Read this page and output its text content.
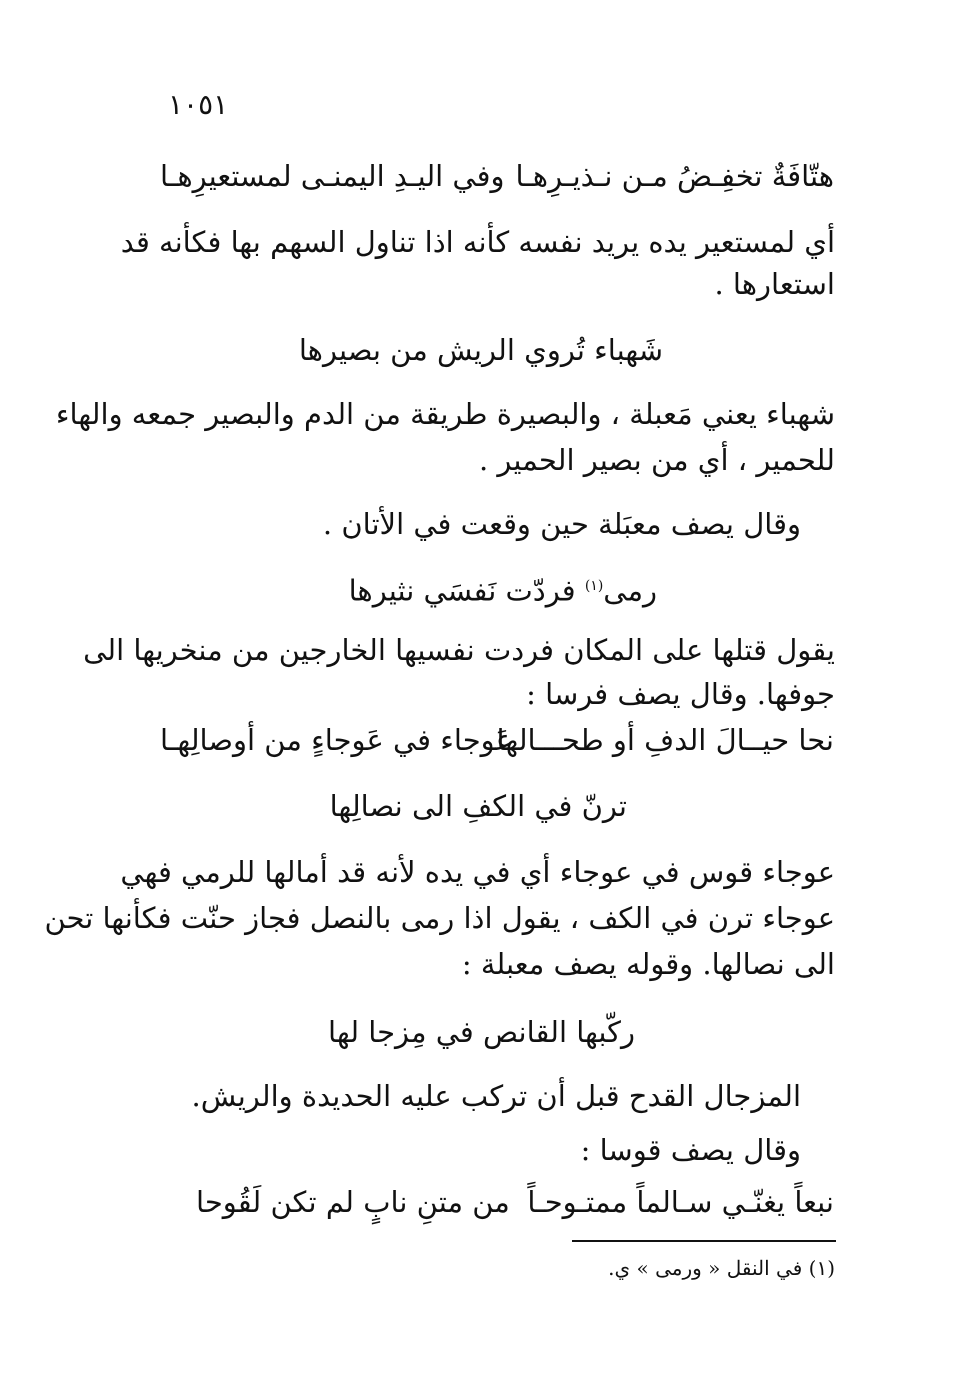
١٠٥١
هتّافَةٌ تخفِـضُ مـن نـذيـرِهـا
وفي اليـدِ اليمنـى لمستعيرِهـا
أي لمستعير يده يريد نفسه كأنه اذا تناول السهم بها فكأنه قد
استعارها .
شَهباء تُروي الريش من بصيرها
شهباء يعني مَعبلة ، والبصيرة طريقة من الدم والبصير جمعه والهاء
للحمير ، أي من بصير الحمير .
وقال يصف معبَلة حين وقعت في الأتان .
رمى$^{(١)}$ فردّت نَفسَي نثيرها
يقول قتلها على المكان فردت نفسيها الخارجين من منخريها الى
جوفها. وقال يصف فرسا :
نحا حيــالَ الدفِ أو طحـــالها
عَوجاء في عَوجاءٍ من أوصالِهـا
ترنّ في الكفِ الى نصالِها
عوجاء قوس في عوجاء أي في يده لأنه قد أمالها للرمي فهي
عوجاء ترن في الكف ، يقول اذا رمى بالنصل فجاز حنّت فكأنها تحن
الى نصالها. وقوله يصف معبلة :
ركّبها القانص في مِزجا لها
المزجال القدح قبل أن تركب عليه الحديدة والريش.
وقال يصف قوسا :
نبعاً يغنّـي سـالماً ممتـوحـاً
من متنِ نابٍ لم تكن لَقُوحا
(١) في النقل « ورمى » ي.
